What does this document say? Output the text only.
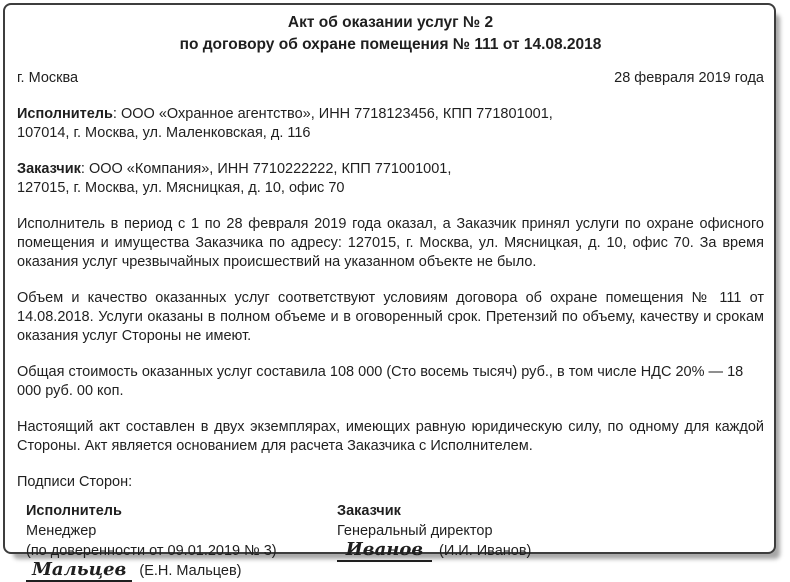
Акт об оказании услуг № 2
по договору об охране помещения № 111 от 14.08.2018
г. Москва	28 февраля 2019 года

Исполнитель: ООО «Охранное агентство», ИНН 7718123456, КПП 771801001,
107014, г. Москва, ул. Маленковская, д. 116

Заказчик: ООО «Компания», ИНН 7710222222, КПП 771001001,
127015, г. Москва, ул. Мясницкая, д. 10, офис 70

Исполнитель в период с 1 по 28 февраля 2019 года оказал, а Заказчик принял услуги по охране офисного помещения и имущества Заказчика по адресу: 127015, г. Москва, ул. Мясницкая, д. 10, офис 70. За время оказания услуг чрезвычайных происшествий на указанном объекте не было.

Объем и качество оказанных услуг соответствуют условиям договора об охране помещения № 111 от 14.08.2018. Услуги оказаны в полном объеме и в оговоренный срок. Претензий по объему, качеству и срокам оказания услуг Стороны не имеют.

Общая стоимость оказанных услуг составила 108 000 (Сто восемь тысяч) руб., в том числе НДС 20% — 18 000 руб. 00 коп.

Настоящий акт составлен в двух экземплярах, имеющих равную юридическую силу, по одному для каждой Стороны. Акт является основанием для расчета Заказчика с Исполнителем.

Подписи Сторон:
Исполнитель
Менеджер
(по доверенности от 09.01.2019 № 3)
Мальцев (Е.Н. Мальцев)
Заказчик
Генеральный директор
Иванов (И.И. Иванов)
